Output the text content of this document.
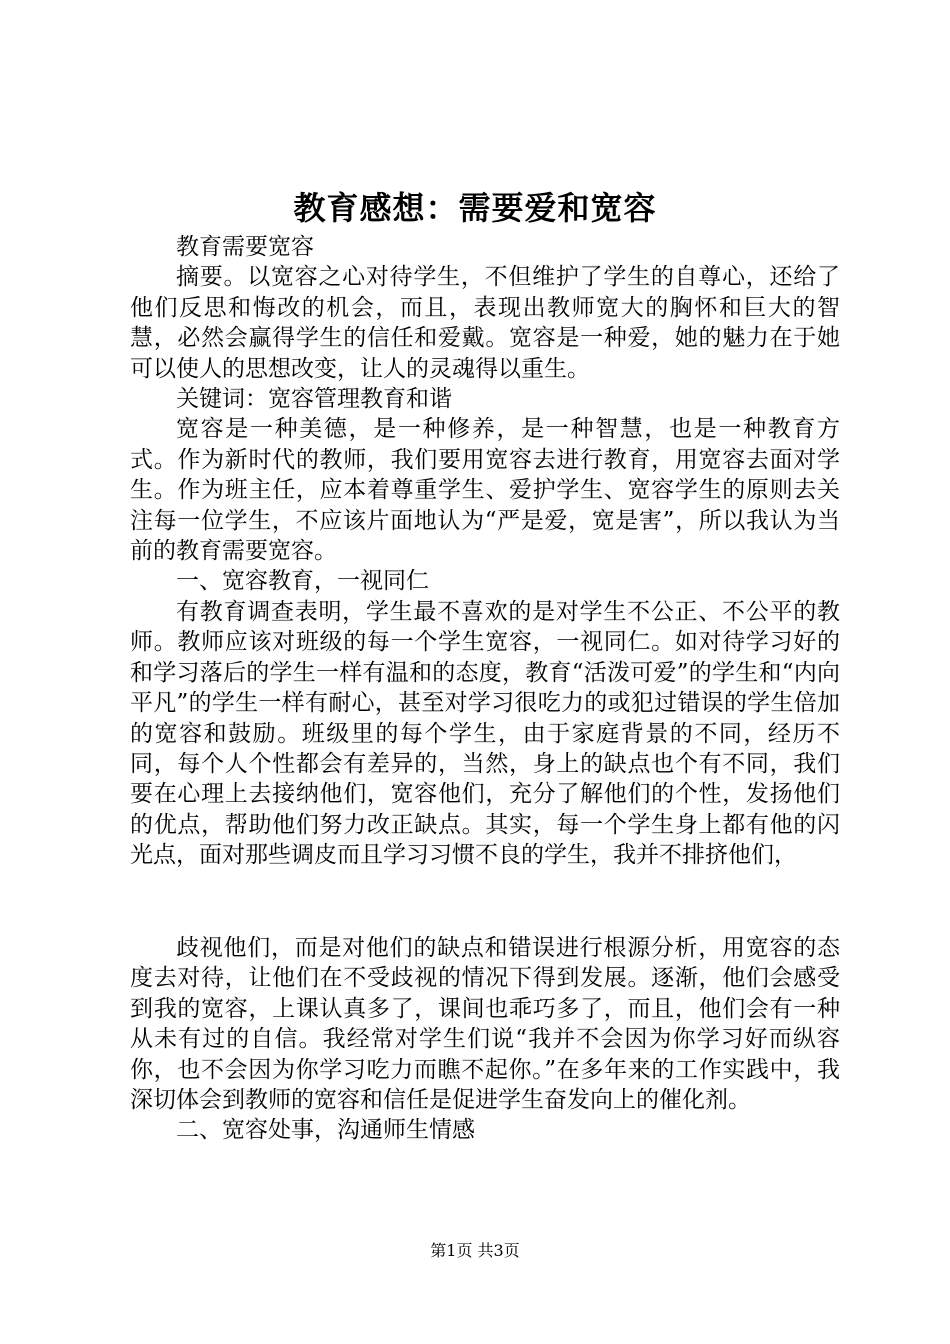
教育感想：需要爱和宽容

教育需要宽容

摘要。以宽容之心对待学生，不但维护了学生的自尊心，还给了他们反思和悔改的机会，而且，表现出教师宽大的胸怀和巨大的智慧，必然会赢得学生的信任和爱戴。宽容是一种爱，她的魅力在于她可以使人的思想改变，让人的灵魂得以重生。

关键词：宽容管理教育和谐

宽容是一种美德，是一种修养，是一种智慧，也是一种教育方式。作为新时代的教师，我们要用宽容去进行教育，用宽容去面对学生。作为班主任，应本着尊重学生、爱护学生、宽容学生的原则去关注每一位学生，不应该片面地认为“严是爱，宽是害”，所以我认为当前的教育需要宽容。

一、宽容教育，一视同仁

有教育调查表明，学生最不喜欢的是对学生不公正、不公平的教师。教师应该对班级的每一个学生宽容，一视同仁。如对待学习好的和学习落后的学生一样有温和的态度，教育“活泼可爱”的学生和“内向平凡”的学生一样有耐心，甚至对学习很吃力的或犯过错误的学生倍加的宽容和鼓励。班级里的每个学生，由于家庭背景的不同，经历不同，每个人个性都会有差异的，当然，身上的缺点也个有不同，我们要在心理上去接纳他们，宽容他们，充分了解他们的个性，发扬他们的优点，帮助他们努力改正缺点。其实，每一个学生身上都有他的闪光点，面对那些调皮而且学习习惯不良的学生，我并不排挤他们，

歧视他们，而是对他们的缺点和错误进行根源分析，用宽容的态度去对待，让他们在不受歧视的情况下得到发展。逐渐，他们会感受到我的宽容，上课认真多了，课间也乖巧多了，而且，他们会有一种从未有过的自信。我经常对学生们说“我并不会因为你学习好而纵容你，也不会因为你学习吃力而瞧不起你。”在多年来的工作实践中，我深切体会到教师的宽容和信任是促进学生奋发向上的催化剂。

二、宽容处事，沟通师生情感

第1页 共3页
